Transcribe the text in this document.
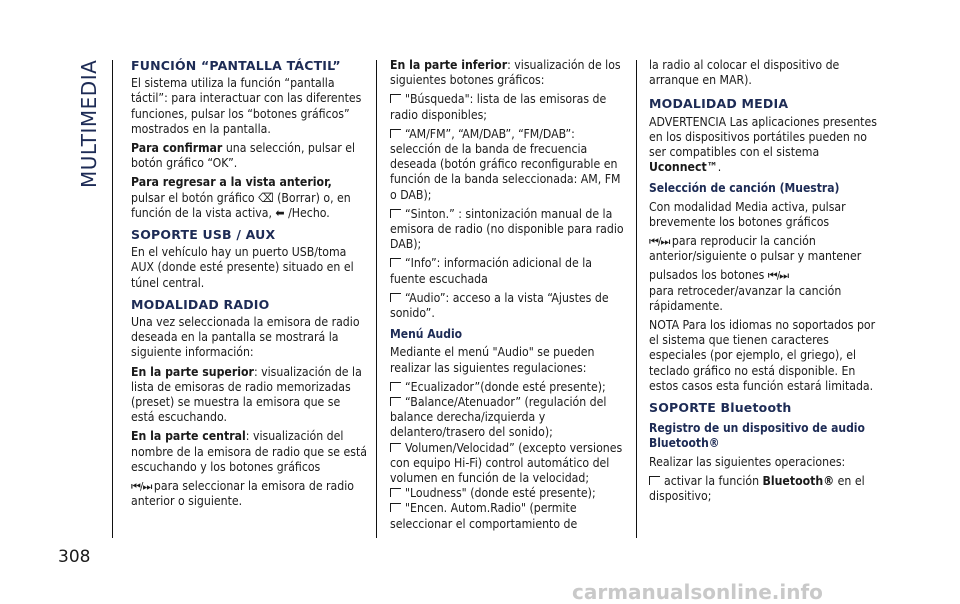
MULTIMEDIA
308
FUNCIÓN “PANTALLA TÁCTIL”

El sistema utiliza la función “pantalla táctil”: para interactuar con las diferentes funciones, pulsar los “botones gráficos” mostrados en la pantalla.

Para confirmar una selección, pulsar el botón gráfico “OK”.

Para regresar a la vista anterior, pulsar el botón gráfico ⌫ (Borrar) o, en función de la vista activa, ⬅ /Hecho.

SOPORTE USB / AUX

En el vehículo hay un puerto USB/toma AUX (donde esté presente) situado en el túnel central.

MODALIDAD RADIO

Una vez seleccionada la emisora de radio deseada en la pantalla se mostrará la siguiente información:

En la parte superior: visualización de la lista de emisoras de radio memorizadas (preset) se muestra la emisora que se está escuchando.

En la parte central: visualización del nombre de la emisora de radio que se está escuchando y los botones gráficos

⏮ / ⏭ para seleccionar la emisora de radio anterior o siguiente.

En la parte inferior: visualización de los siguientes botones gráficos:

"Búsqueda": lista de las emisoras de radio disponibles;

“AM/FM”, “AM/DAB”, “FM/DAB”: selección de la banda de frecuencia deseada (botón gráfico reconfigurable en función de la banda seleccionada: AM, FM o DAB);

“Sinton.” : sintonización manual de la emisora de radio (no disponible para radio DAB);

“Info”: información adicional de la fuente escuchada

“Audio”: acceso a la vista “Ajustes de sonido”.

Menú Audio

Mediante el menú "Audio" se pueden realizar las siguientes regulaciones:

“Ecualizador”(donde esté presente);

“Balance/Atenuador” (regulación del balance derecha/izquierda y delantero/trasero del sonido);

Volumen/Velocidad” (excepto versiones con equipo Hi-Fi) control automático del volumen en función de la velocidad;

"Loudness" (donde esté presente);

"Encen. Autom.Radio" (permite seleccionar el comportamiento de

la radio al colocar el dispositivo de arranque en MAR).

MODALIDAD MEDIA

ADVERTENCIA Las aplicaciones presentes en los dispositivos portátiles pueden no ser compatibles con el sistema Uconnect™.

Selección de canción (Muestra)

Con modalidad Media activa, pulsar brevemente los botones gráficos

⏮ / ⏭ para reproducir la canción anterior/siguiente o pulsar y mantener

pulsados los botones ⏮ / ⏭

para retroceder/avanzar la canción rápidamente.

NOTA Para los idiomas no soportados por el sistema que tienen caracteres especiales (por ejemplo, el griego), el teclado gráfico no está disponible. En estos casos esta función estará limitada.

SOPORTE Bluetooth
Registro de un dispositivo de audio Bluetooth®

Realizar las siguientes operaciones:

activar la función Bluetooth® en el dispositivo;

carmanualsonline.info
